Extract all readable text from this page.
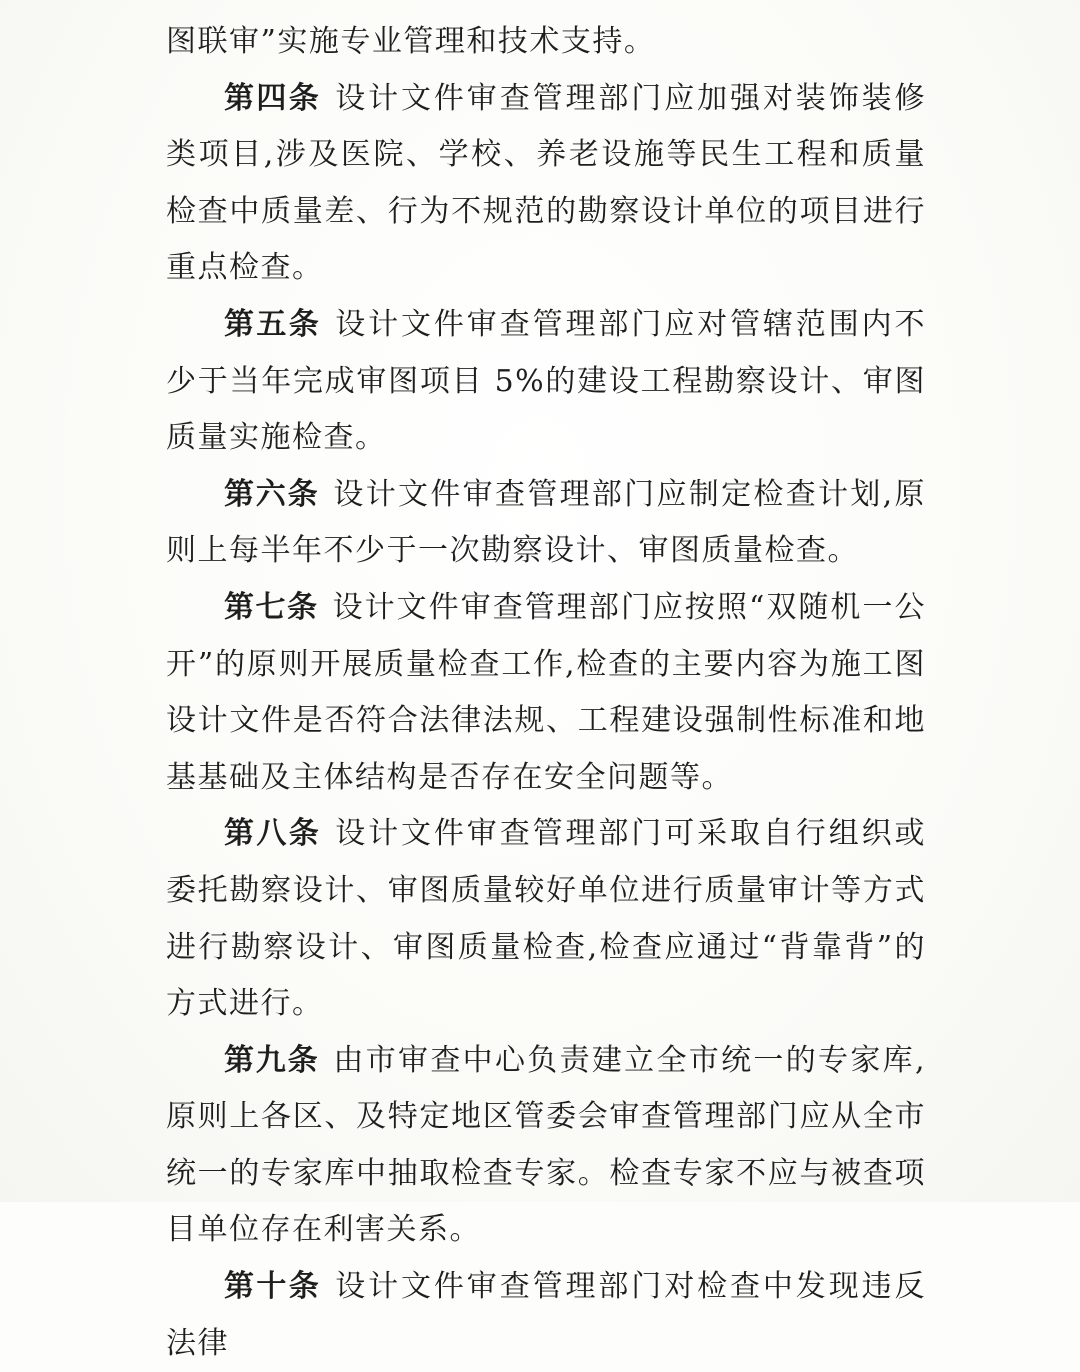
图联审”实施专业管理和技术支持。

第四条 设计文件审查管理部门应加强对装饰装修类项目,涉及医院、学校、养老设施等民生工程和质量检查中质量差、行为不规范的勘察设计单位的项目进行重点检查。

第五条 设计文件审查管理部门应对管辖范围内不少于当年完成审图项目 5%的建设工程勘察设计、审图质量实施检查。

第六条 设计文件审查管理部门应制定检查计划,原则上每半年不少于一次勘察设计、审图质量检查。

第七条 设计文件审查管理部门应按照“双随机一公开”的原则开展质量检查工作,检查的主要内容为施工图设计文件是否符合法律法规、工程建设强制性标准和地基基础及主体结构是否存在安全问题等。

第八条 设计文件审查管理部门可采取自行组织或委托勘察设计、审图质量较好单位进行质量审计等方式进行勘察设计、审图质量检查,检查应通过“背靠背”的方式进行。

第九条 由市审查中心负责建立全市统一的专家库,原则上各区、及特定地区管委会审查管理部门应从全市统一的专家库中抽取检查专家。检查专家不应与被查项目单位存在利害关系。

第十条 设计文件审查管理部门对检查中发现违反法律
